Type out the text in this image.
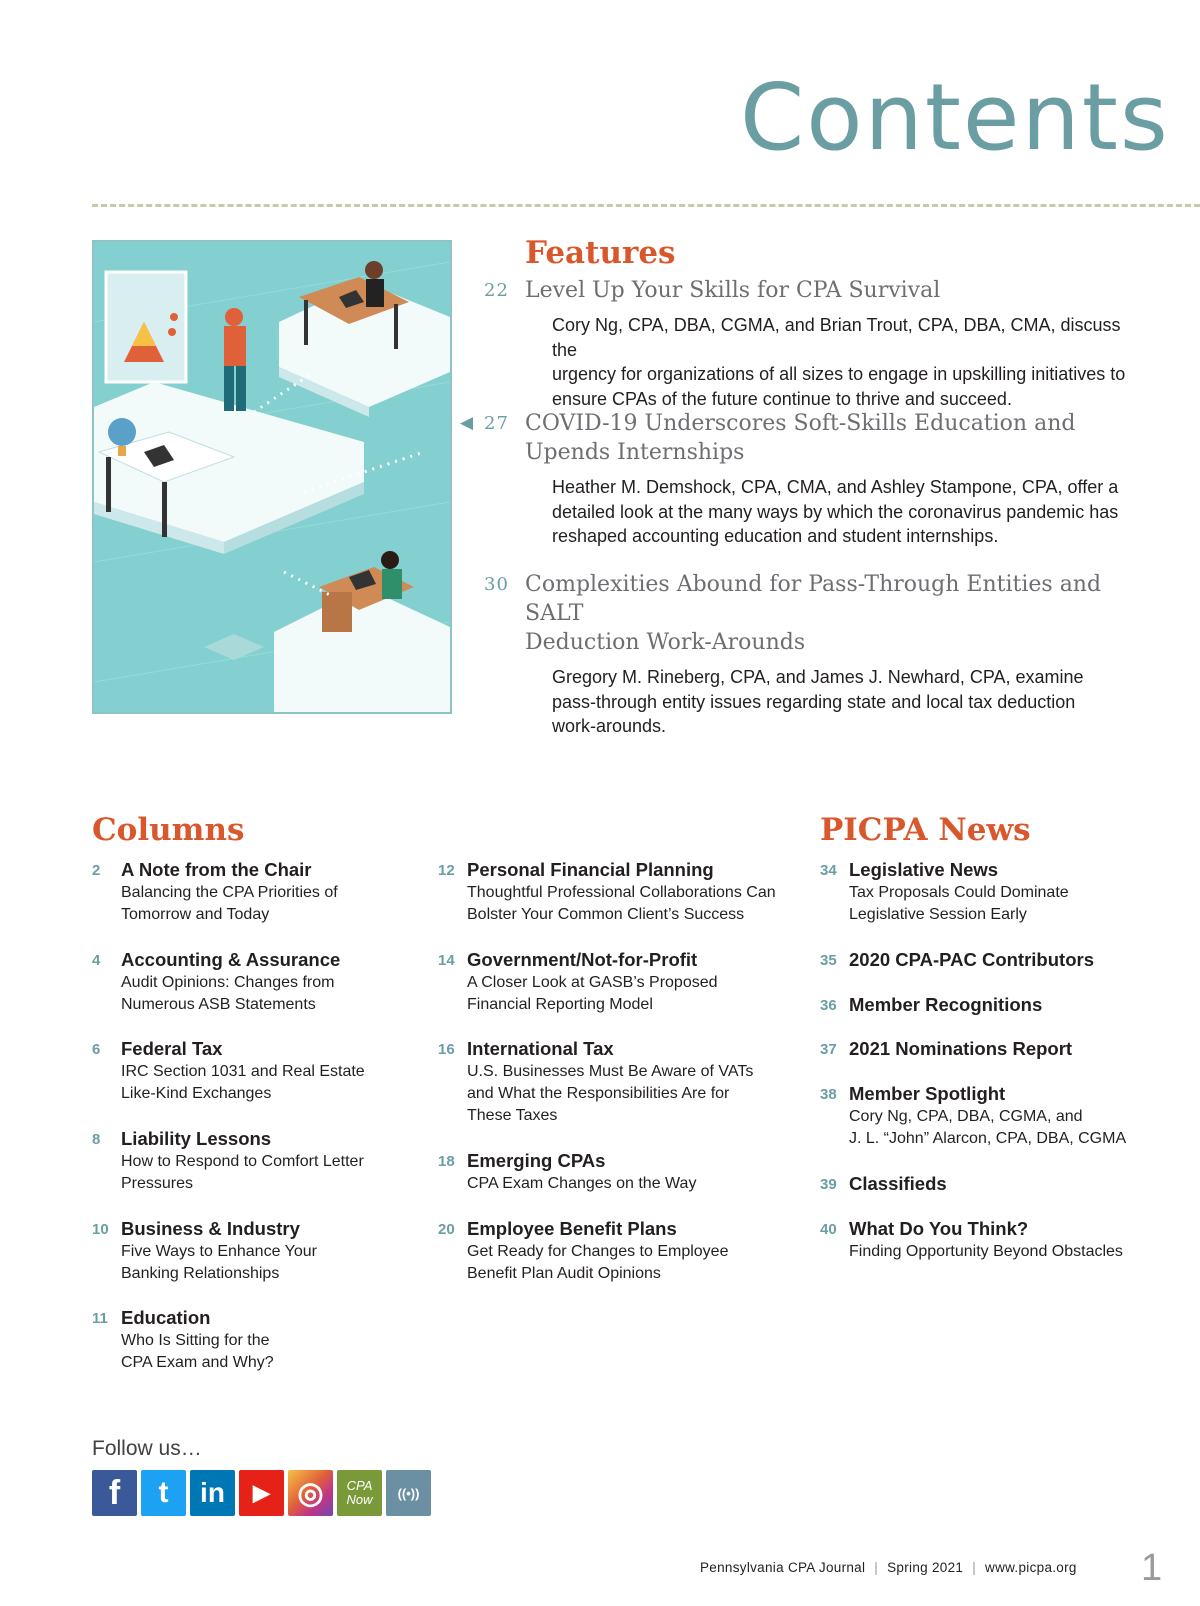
Contents
Features
22 Level Up Your Skills for CPA Survival

Cory Ng, CPA, DBA, CGMA, and Brian Trout, CPA, DBA, CMA, discuss the
urgency for organizations of all sizes to engage in upskilling initiatives to
ensure CPAs of the future continue to thrive and succeed.
◀ 27 COVID-19 Underscores Soft-Skills Education and
Upends Internships

Heather M. Demshock, CPA, CMA, and Ashley Stampone, CPA, offer a
detailed look at the many ways by which the coronavirus pandemic has
reshaped accounting education and student internships.
30 Complexities Abound for Pass-Through Entities and SALT
Deduction Work-Arounds

Gregory M. Rineberg, CPA, and James J. Newhard, CPA, examine
pass-through entity issues regarding state and local tax deduction
work-arounds.
Columns	PICPA News
2	A Note from the Chair
Balancing the CPA Priorities of
Tomorrow and Today
4	Accounting & Assurance
Audit Opinions: Changes from
Numerous ASB Statements
6	Federal Tax
IRC Section 1031 and Real Estate
Like-Kind Exchanges
8	Liability Lessons
How to Respond to Comfort Letter
Pressures
10 Business & Industry
Five Ways to Enhance Your
Banking Relationships
11 Education
Who Is Sitting for the
CPA Exam and Why?
12 Personal Financial Planning
Thoughtful Professional Collaborations Can
Bolster Your Common Client’s Success
14 Government/Not-for-Profit
A Closer Look at GASB’s Proposed
Financial Reporting Model
16 International Tax
U.S. Businesses Must Be Aware of VATs
and What the Responsibilities Are for
These Taxes
18 Emerging CPAs
CPA Exam Changes on the Way
20 Employee Benefit Plans
Get Ready for Changes to Employee
Benefit Plan Audit Opinions
34 Legislative News
Tax Proposals Could Dominate
Legislative Session Early
35 2020 CPA-PAC Contributors
36 Member Recognitions
37 2021 Nominations Report
38 Member Spotlight
Cory Ng, CPA, DBA, CGMA, and
J. L. “John” Alarcon, CPA, DBA, CGMA
39 Classifieds
40 What Do You Think?
Finding Opportunity Beyond Obstacles
Follow us…
f	t	in	▶ ◎	CPA Now	((•))
Pennsylvania CPA Journal | Spring 2021 | www.picpa.org 1
